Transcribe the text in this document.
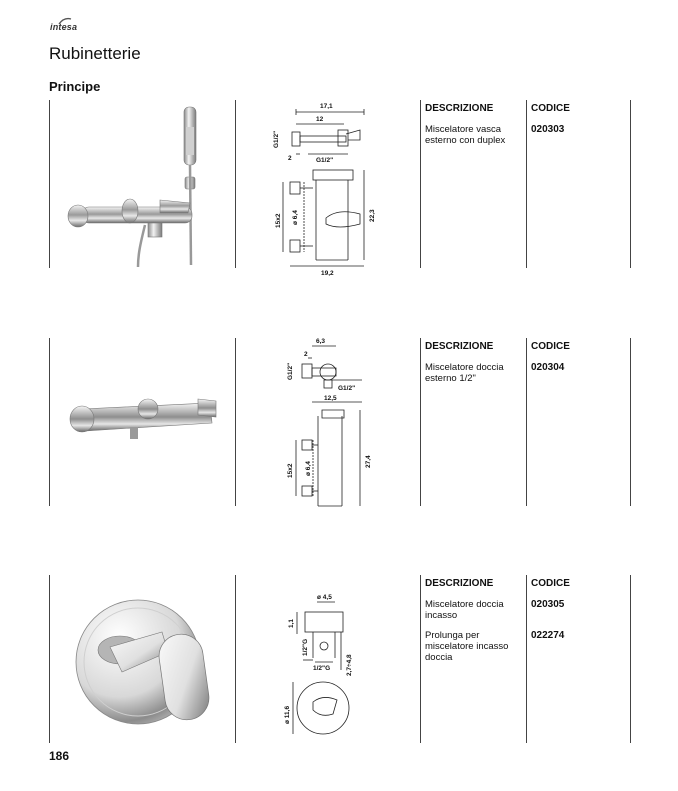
intesa
Rubinetterie
Principe
17,1
12
G1/2"
2	G1/2"
15x2 ø 6,4	22,3
19,2
DESCRIZIONE	CODICE
Miscelatore vasca esterno con duplex
020303
6,3
2
G1/2"
G1/2"
12,5
15x2 ø 6,4	27,4
DESCRIZIONE	CODICE
Miscelatore doccia esterno 1/2"
020304
ø 4,5
1,1
1/2"G
1/2"G 2,7÷4,8
ø 11,6
DESCRIZIONE	CODICE
Miscelatore doccia incasso
020305
Prolunga per miscelatore incasso doccia
022274
186
